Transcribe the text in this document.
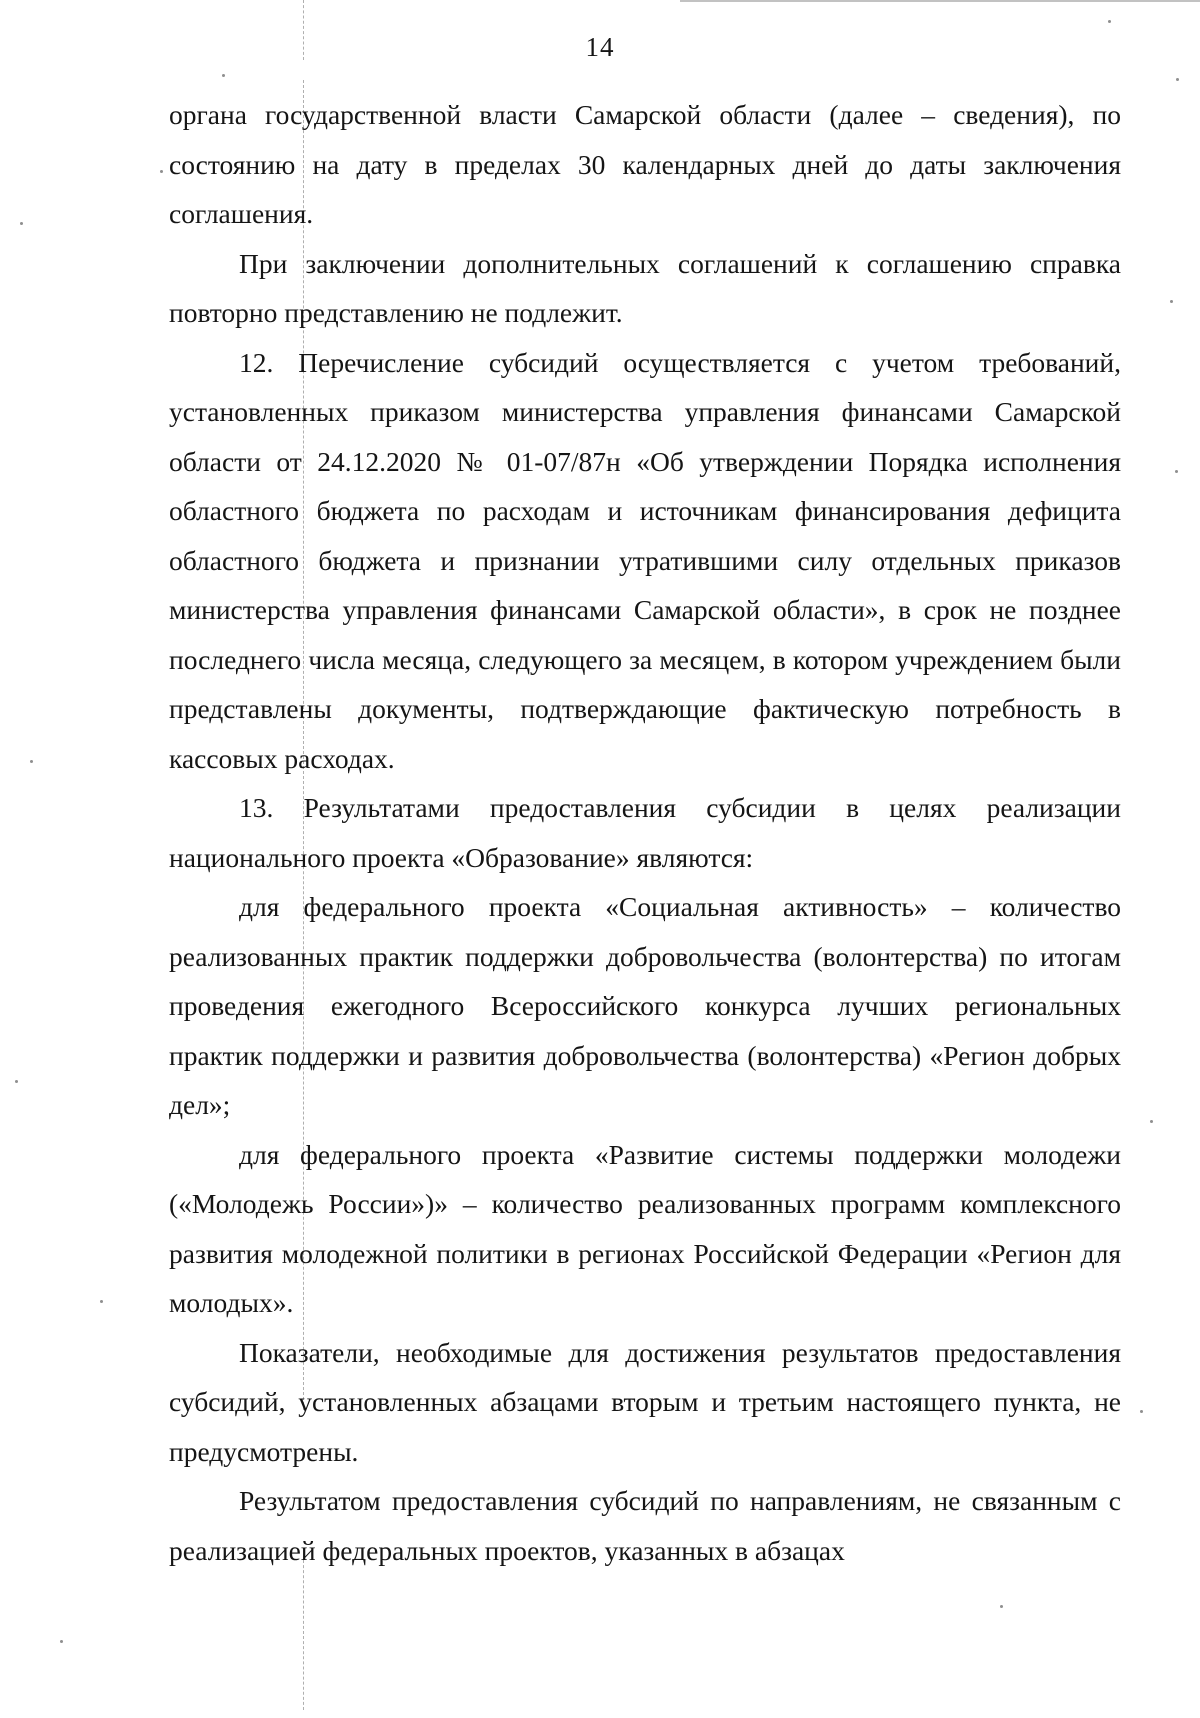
14

органа государственной власти Самарской области (далее – сведения), по состоянию на дату в пределах 30 календарных дней до даты заключения соглашения.

При заключении дополнительных соглашений к соглашению справка повторно представлению не подлежит.

12. Перечисление субсидий осуществляется с учетом требований, установленных приказом министерства управления финансами Самарской области от 24.12.2020 № 01-07/87н «Об утверждении Порядка исполнения областного бюджета по расходам и источникам финансирования дефицита областного бюджета и признании утратившими силу отдельных приказов министерства управления финансами Самарской области», в срок не позднее последнего числа месяца, следующего за месяцем, в котором учреждением были представлены документы, подтверждающие фактическую потребность в кассовых расходах.

13. Результатами предоставления субсидии в целях реализации национального проекта «Образование» являются:

для федерального проекта «Социальная активность» – количество реализованных практик поддержки добровольчества (волонтерства) по итогам проведения ежегодного Всероссийского конкурса лучших региональных практик поддержки и развития добровольчества (волонтерства) «Регион добрых дел»;

для федерального проекта «Развитие системы поддержки молодежи («Молодежь России»)» – количество реализованных программ комплексного развития молодежной политики в регионах Российской Федерации «Регион для молодых».

Показатели, необходимые для достижения результатов предоставления субсидий, установленных абзацами вторым и третьим настоящего пункта, не предусмотрены.

Результатом предоставления субсидий по направлениям, не связанным с реализацией федеральных проектов, указанных в абзацах
